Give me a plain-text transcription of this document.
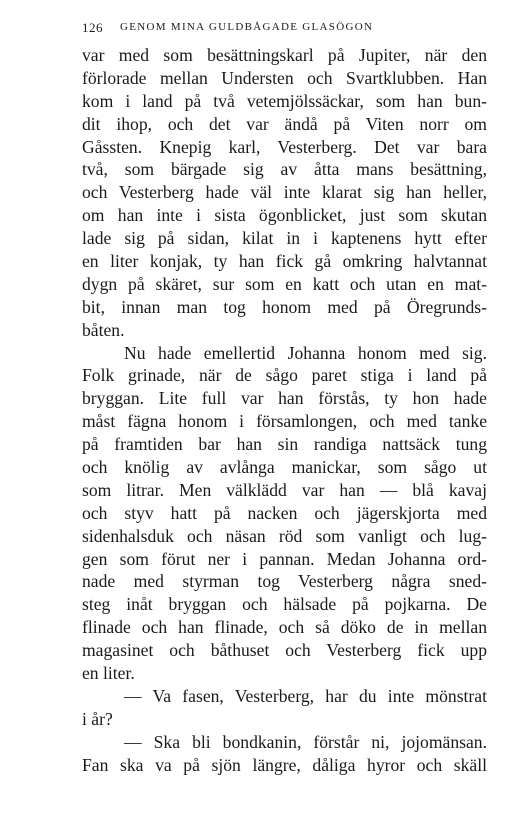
126 GENOM MINA GULDBÅGADE GLASÖGON
var med som besättningskarl på Jupiter, när den
förlorade mellan Understen och Svartklubben. Han
kom i land på två vetemjölssäckar, som han bun-
dit ihop, och det var ändå på Viten norr om
Gåssten. Knepig karl, Vesterberg. Det var bara
två, som bärgade sig av åtta mans besättning,
och Vesterberg hade väl inte klarat sig han heller,
om han inte i sista ögonblicket, just som skutan
lade sig på sidan, kilat in i kaptenens hytt efter
en liter konjak, ty han fick gå omkring halvtannat
dygn på skäret, sur som en katt och utan en mat-
bit, innan man tog honom med på Öregrunds-
båten.
Nu hade emellertid Johanna honom med sig.
Folk grinade, när de sågo paret stiga i land på
bryggan. Lite full var han förstås, ty hon hade
måst fägna honom i församlongen, och med tanke
på framtiden bar han sin randiga nattsäck tung
och knölig av avlånga manickar, som sågo ut
som litrar. Men välklädd var han — blå kavaj
och styv hatt på nacken och jägerskjorta med
sidenhalsduk och näsan röd som vanligt och lug-
gen som förut ner i pannan. Medan Johanna ord-
nade med styrman tog Vesterberg några sned-
steg inåt bryggan och hälsade på pojkarna. De
flinade och han flinade, och så döko de in mellan
magasinet och båthuset och Vesterberg fick upp
en liter.
— Va fasen, Vesterberg, har du inte mönstrat
i år?
— Ska bli bondkanin, förstår ni, jojomänsan.
Fan ska va på sjön längre, dåliga hyror och skäll
